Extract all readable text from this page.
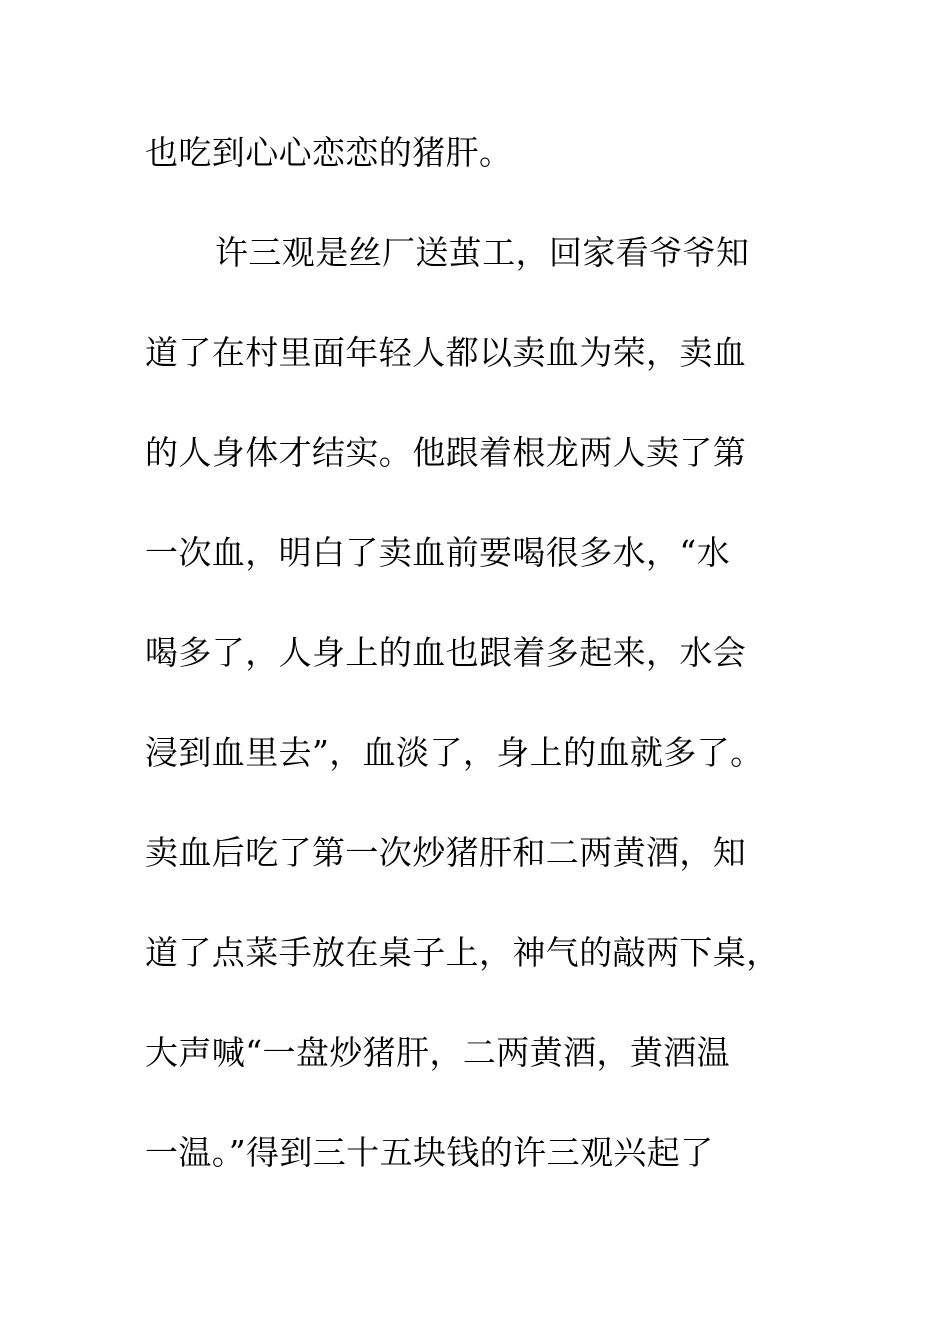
也吃到心心恋恋的猪肝。
许三观是丝厂送茧工，回家看爷爷知
道了在村里面年轻人都以卖血为荣，卖血
的人身体才结实。他跟着根龙两人卖了第
一次血，明白了卖血前要喝很多水，“水
喝多了，人身上的血也跟着多起来，水会
浸到血里去”，血淡了，身上的血就多了。
卖血后吃了第一次炒猪肝和二两黄酒，知
道了点菜手放在桌子上，神气的敲两下桌，
大声喊“一盘炒猪肝，二两黄酒，黄酒温
一温。”得到三十五块钱的许三观兴起了
